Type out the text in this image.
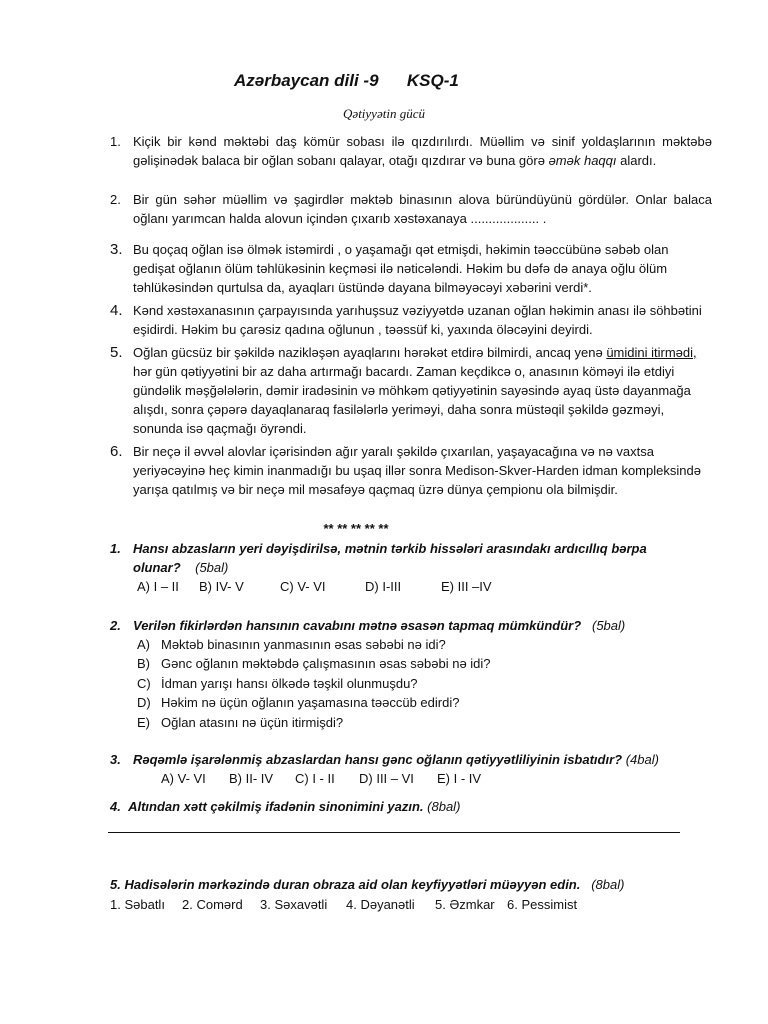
Azərbaycan dili -9      KSQ-1
Qətiyyətin gücü
1. Kiçik bir kənd məktəbi daş kömür sobası ilə qızdırılırdı. Müəllim və sinif yoldaşlarının məktəbə gəlişinədək balaca bir oğlan sobanı qalayar, otağı qızdırar və buna görə əmək haqqı alardı.
2. Bir gün səhər müəllim və şagirdlər məktəb binasının alova büründüyünü gördülər. Onlar balaca oğlanı yarımcan halda alovun içindən çıxarıb xəstəxanaya ................... .
3. Bu qoçaq oğlan isə ölmək istəmirdi , o yaşamağı qət etmişdi, həkimin təəccübünə səbəb olan gedişat oğlanın ölüm təhlükəsinin keçməsi ilə nəticələndi. Həkim bu dəfə də anaya oğlu ölüm təhlükəsindən qurtulsa da, ayaqları üstündə dayana bilməyəcəyi xəbərini verdi*.
4. Kənd xəstəxanasının çarpayısında yarıhuşsuz vəziyyətdə uzanan oğlan həkimin anası ilə söhbətini eşidirdi. Həkim bu çarəsiz qadına oğlunun , təəssüf ki, yaxında öləcəyini deyirdi.
5. Oğlan gücsüz bir şəkildə nazikləşən ayaqlarını hərəkət etdirə bilmirdi, ancaq yenə ümidini itirmədi, hər gün qətiyyətini bir az daha artırmağı bacardı. Zaman keçdikcə o, anasının köməyi ilə etdiyi gündəlik məşğələlərin, dəmir iradəsinin və möhkəm qətiyyətinin sayəsində ayaq üstə dayanmağa alışdı, sonra çəpərə dayaqlanaraq fasilələrlə yeriməyi, daha sonra müstəqil şəkildə gəzməyi, sonunda isə qaçmağı öyrəndi.
6. Bir neçə il əvvəl alovlar içərisindən ağır yaralı şəkildə çıxarılan, yaşayacağına və nə vaxtsa yeriyəcəyinə heç kimin inanmadığı bu uşaq illər sonra Medison-Skver-Harden idman kompleksində yarışa qatılmış və bir neçə mil məsafəyə qaçmaq üzrə dünya çempionu ola bilmişdir.
** ** ** ** **
1. Hansı abzasların yeri dəyişdirilsə, mətnin tərkib hissələri arasındakı ardıcıllıq bərpa olunar? (5bal)
A) I – II B) IV- V	C) V- VI	D) I-III	E) III –IV
2. Verilən fikirlərdən hansının cavabını mətnə əsasən tapmaq mümkündür? (5bal)
A) Məktəb binasının yanmasının əsas səbəbi nə idi?
B) Gənc oğlanın məktəbdə çalışmasının əsas səbəbi nə idi?
C) İdman yarışı hansı ölkədə təşkil olunmuşdu?
D) Həkim nə üçün oğlanın yaşamasına təəccüb edirdi?
E) Oğlan atasını nə üçün itirmişdi?
3. Rəqəmlə işarələnmiş abzaslardan hansı gənc oğlanın qətiyyətliliyinin isbatıdır? (4bal)
A) V- VI B) II- IV C) I - II D) III – VI E) I - IV
4. Altından xətt çəkilmiş ifadənin sinonimini yazın. (8bal)
5. Hadisələrin mərkəzində duran obraza aid olan keyfiyyətləri müəyyən edin. (8bal)
1. Səbatlı 2. Comərd 3. Səxavətli 4. Dəyanətli 5. Əzmkar 6. Pessimist
